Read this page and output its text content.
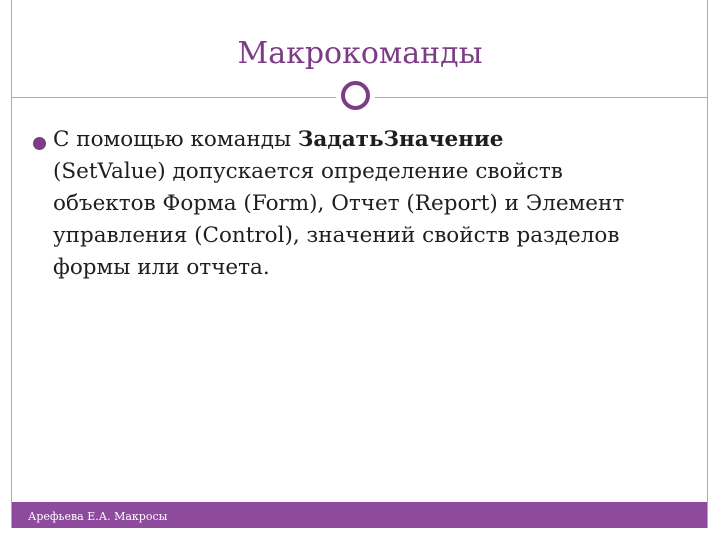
Макрокоманды
С помощью команды ЗадатьЗначение
(SetValue) допускается определение свойств
объектов Форма (Form), Отчет (Report) и Элемент
управления (Control), значений свойств разделов
формы или отчета.
Арефьева Е.А. Макросы
